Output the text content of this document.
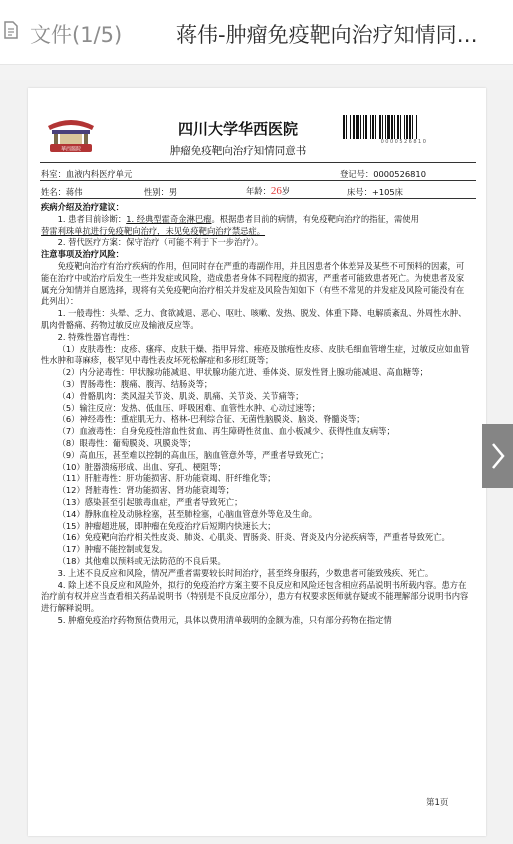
文件(1/5)	蒋伟-肿瘤免疫靶向治疗知情同…
華西醫院
四川大学华西医院
肿瘤免疫靶向治疗知情同意书
0000526810
科室：血液内科医疗单元	登记号：0000526810
姓名：蒋伟	性别：男	年龄：26岁	床号：+105床

疾病介绍及治疗建议：

1. 患者目前诊断：1. 经典型霍奇金淋巴瘤。根据患者目前的病情，有免疫靶向治疗的指征，需使用

替雷利珠单抗进行免疫靶向治疗，未见免疫靶向治疗禁忌症。

2. 替代医疗方案：保守治疗（可能不利于下一步治疗）。

注意事项及治疗风险：

免疫靶向治疗有治疗疾病的作用，但同时存在严重的毒副作用，并且因患者个体差异及某些不可预料的因素，可能在治疗中或治疗后发生一些并发症或风险，造成患者身体不同程度的损害，严重者可能致患者死亡。为使患者及家属充分知情并自愿选择，现将有关免疫靶向治疗相关并发症及风险告知如下（有些不常见的并发症及风险可能没有在此列出）：

1. 一般毒性：头晕、乏力、食欲减退、恶心、呕吐、咳嗽、发热、脱发、体重下降、电解质紊乱、外周性水肿、肌肉骨骼痛、药物过敏反应及输液反应等。

2. 特殊性器官毒性：

（1）皮肤毒性：皮疹、瘙痒、皮肤干燥、指甲异常、痤疮及脓疱性皮疹、皮肤毛细血管增生症，过敏反应如血管性水肿和荨麻疹，极罕见中毒性表皮坏死松解症和多形红斑等；

（2）内分泌毒性：甲状腺功能减退、甲状腺功能亢进、垂体炎、原发性肾上腺功能减退、高血糖等；

（3）胃肠毒性：腹痛、腹泻、结肠炎等；

（4）骨骼肌肉：类风湿关节炎、肌炎、肌痛、关节炎、关节痛等；

（5）输注反应：发热、低血压、呼吸困难、血管性水肿、心动过速等；

（6）神经毒性：重症肌无力、格林-巴利综合征、无菌性脑膜炎、脑炎、脊髓炎等；

（7）血液毒性：自身免疫性溶血性贫血、再生障碍性贫血、血小板减少、获得性血友病等；

（8）眼毒性：葡萄膜炎、巩膜炎等；

（9）高血压，甚至难以控制的高血压，脑血管意外等，严重者导致死亡；

（10）脏器溃疡形成、出血、穿孔、梗阻等；

（11）肝脏毒性：肝功能损害、肝功能衰竭、肝纤维化等；

（12）肾脏毒性：肾功能损害、肾功能衰竭等；

（13）感染甚至引起脓毒血症，严重者导致死亡；

（14）静脉血栓及动脉栓塞，甚至肺栓塞，心脑血管意外等危及生命。

（15）肿瘤超进展，即肿瘤在免疫治疗后短期内快速长大；

（16）免疫靶向治疗相关性皮炎、肺炎、心肌炎、胃肠炎、肝炎、肾炎及内分泌疾病等，严重者导致死亡。

（17）肿瘤不能控制或复发。

（18）其他难以预料或无法防范的不良后果。

3. 上述不良反应和风险，情况严重者需要较长时间治疗，甚至终身服药，少数患者可能致残疾、死亡。

4. 除上述不良反应和风险外，拟行的免疫治疗方案主要不良反应和风险还包含相应药品说明书所载内容。患方在治疗前有权并应当查看相关药品说明书（特别是不良反应部分），患方有权要求医师就存疑或不能理解部分说明书内容进行解释说明。

5. 肿瘤免疫治疗药物预估费用元，具体以费用清单载明的金额为准，只有部分药物在指定情

第1页
